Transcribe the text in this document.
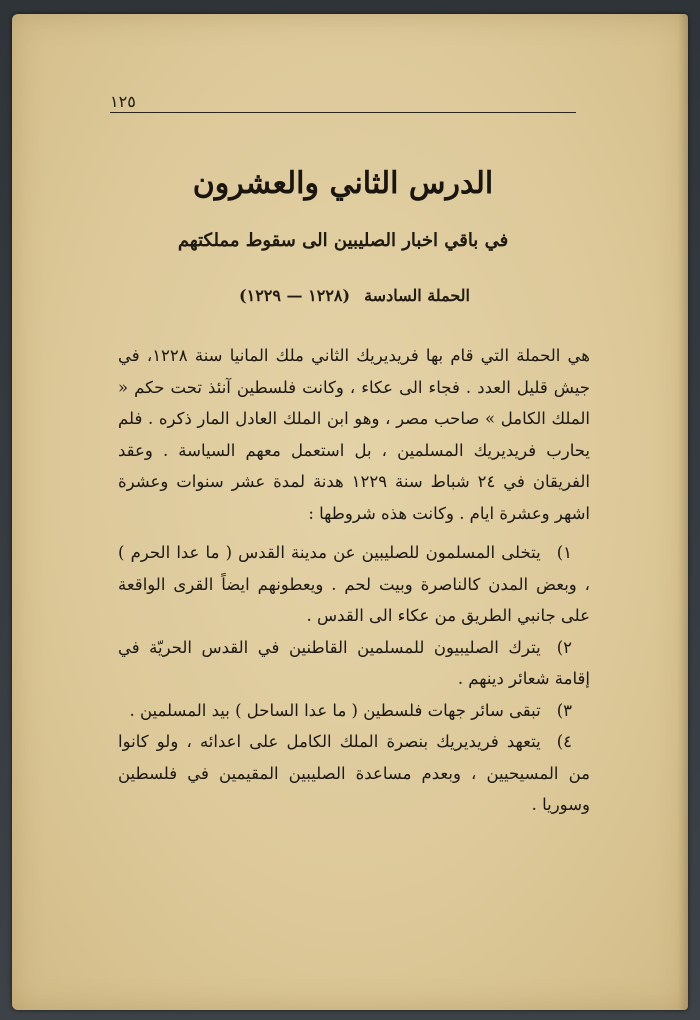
١٢٥
الدرس الثاني والعشرون
في باقي اخبار الصليبين الى سقوط مملكتهم
الحملة السادسة(١٢٢٨ — ١٢٢٩)

هي الحملة التي قام بها فريديريك الثاني ملك المانيا سنة ١٢٢٨، في جيش قليل العدد . فجاء الى عكاء ، وكانت فلسطين آنئذ تحت حكم « الملك الكامل » صاحب مصر ، وهو ابن الملك العادل المار ذكره . فلم يحارب فريديريك المسلمين ، بل استعمل معهم السياسة . وعقد الفريقان في ٢٤ شباط سنة ١٢٢٩ هدنة لمدة عشر سنوات وعشرة اشهر وعشرة ايام . وكانت هذه شروطها :

١)يتخلى المسلمون للصليبين عن مدينة القدس ( ما عدا الحرم ) ، وبعض المدن كالناصرة وبيت لحم . ويعطونهم ايضاً القرى الواقعة على جانبي الطريق من عكاء الى القدس .

٢)يترك الصليبيون للمسلمين القاطنين في القدس الحريّة في إقامة شعائر دينهم .

٣)تبقى سائر جهات فلسطين ( ما عدا الساحل ) بيد المسلمين .

٤)يتعهد فريديريك بنصرة الملك الكامل على اعدائه ، ولو كانوا من المسيحيين ، وبعدم مساعدة الصليبين المقيمين في فلسطين وسوريا .
